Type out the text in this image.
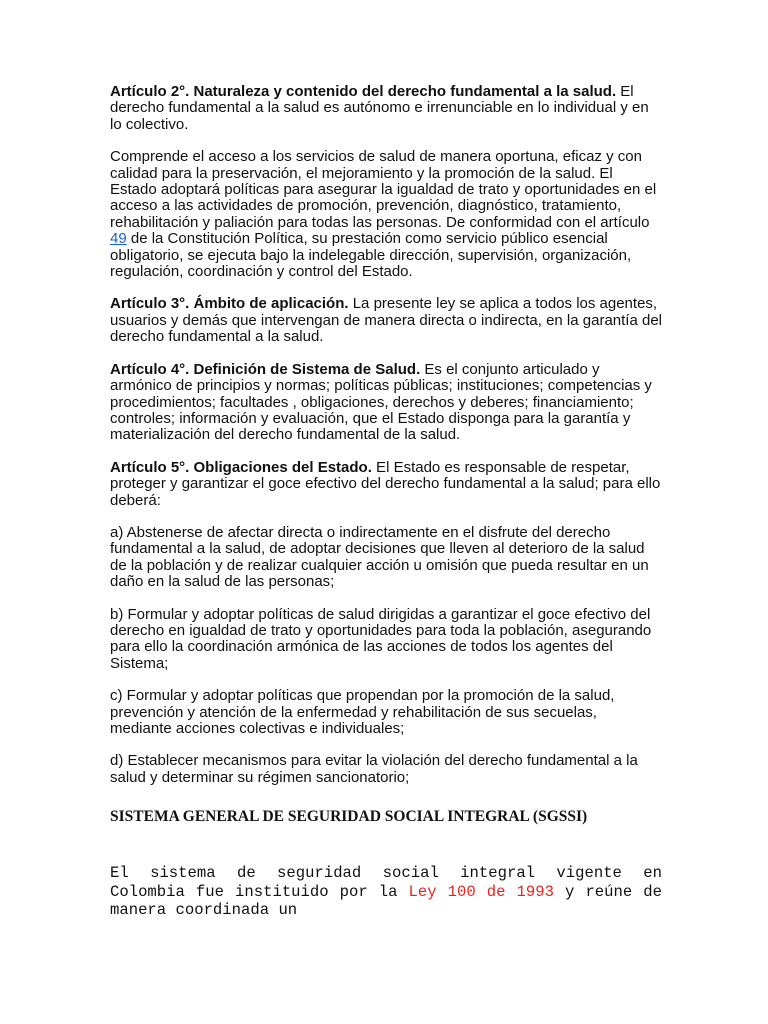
Artículo 2°. Naturaleza y contenido del derecho fundamental a la salud. El derecho fundamental a la salud es autónomo e irrenunciable en lo individual y en lo colectivo.

Comprende el acceso a los servicios de salud de manera oportuna, eficaz y con calidad para la preservación, el mejoramiento y la promoción de la salud. El Estado adoptará políticas para asegurar la igualdad de trato y oportunidades en el acceso a las actividades de promoción, prevención, diagnóstico, tratamiento, rehabilitación y paliación para todas las personas. De conformidad con el artículo 49 de la Constitución Política, su prestación como servicio público esencial obligatorio, se ejecuta bajo la indelegable dirección, supervisión, organización, regulación, coordinación y control del Estado.

Artículo 3°. Ámbito de aplicación. La presente ley se aplica a todos los agentes, usuarios y demás que intervengan de manera directa o indirecta, en la garantía del derecho fundamental a la salud.

Artículo 4°. Definición de Sistema de Salud. Es el conjunto articulado y armónico de principios y normas; políticas públicas; instituciones; competencias y procedimientos; facultades , obligaciones, derechos y deberes; financiamiento; controles; información y evaluación, que el Estado disponga para la garantía y materialización del derecho fundamental de la salud.

Artículo 5°. Obligaciones del Estado. El Estado es responsable de respetar, proteger y garantizar el goce efectivo del derecho fundamental a la salud; para ello deberá:

a) Abstenerse de afectar directa o indirectamente en el disfrute del derecho fundamental a la salud, de adoptar decisiones que lleven al deterioro de la salud de la población y de realizar cualquier acción u omisión que pueda resultar en un daño en la salud de las personas;

b) Formular y adoptar políticas de salud dirigidas a garantizar el goce efectivo del derecho en igualdad de trato y oportunidades para toda la población, asegurando para ello la coordinación armónica de las acciones de todos los agentes del Sistema;

c) Formular y adoptar políticas que propendan por la promoción de la salud, prevención y atención de la enfermedad y rehabilitación de sus secuelas, mediante acciones colectivas e individuales;

d) Establecer mecanismos para evitar la violación del derecho fundamental a la salud y determinar su régimen sancionatorio;

SISTEMA GENERAL DE SEGURIDAD SOCIAL INTEGRAL (SGSSI)

El sistema de seguridad social integral vigente en Colombia fue instituido por la Ley 100 de 1993 y reúne de manera coordinada un
